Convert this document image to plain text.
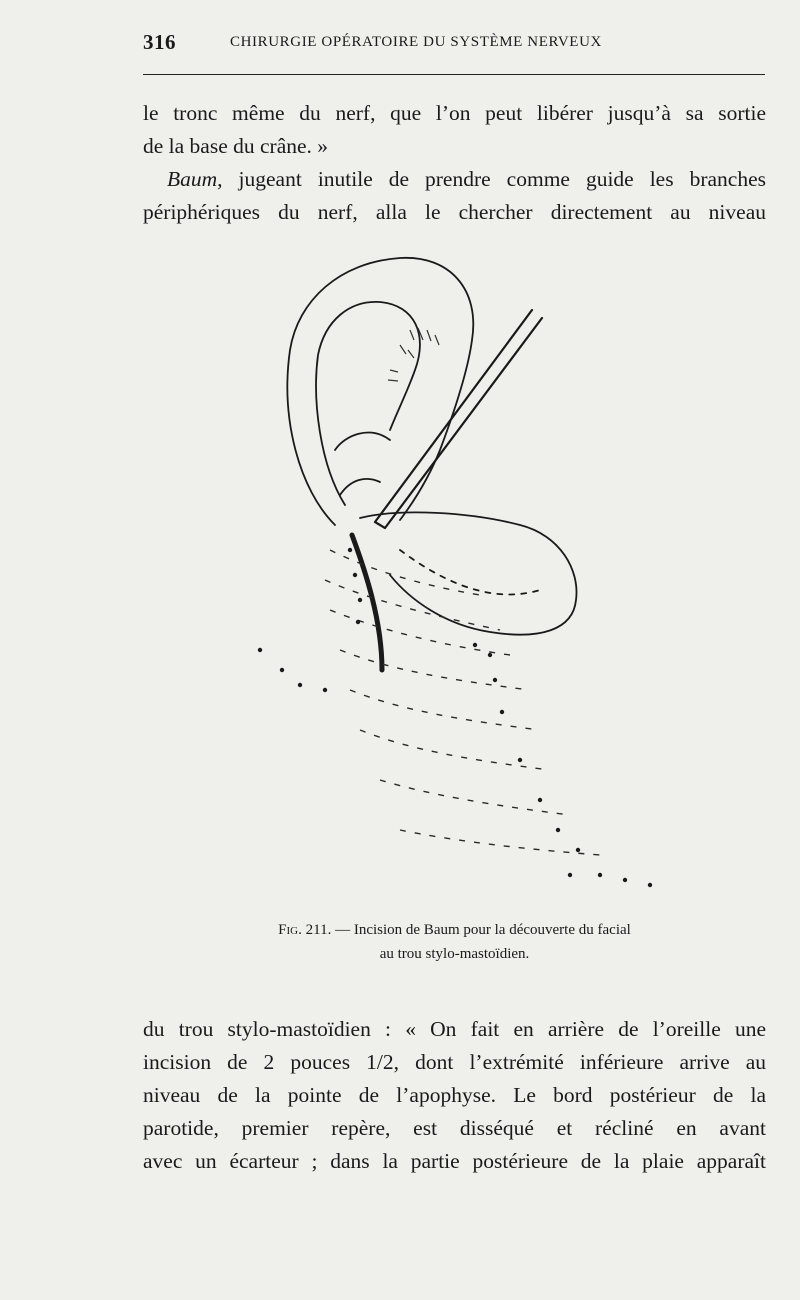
316	CHIRURGIE OPÉRATOIRE DU SYSTÈME NERVEUX

le tronc même du nerf, que l’on peut libérer jusqu’à sa sortie
de la base du crâne. »

Baum, jugeant inutile de prendre comme guide les branches
périphériques du nerf, alla le chercher directement au niveau

Fig. 211. — Incision de Baum pour la découverte du facial
au trou stylo-mastoïdien.

du trou stylo-mastoïdien : « On fait en arrière de l’oreille une
incision de 2 pouces 1/2, dont l’extrémité inférieure arrive au
niveau de la pointe de l’apophyse. Le bord postérieur de la
parotide, premier repère, est disséqué et récliné en avant
avec un écarteur ; dans la partie postérieure de la plaie apparaît
